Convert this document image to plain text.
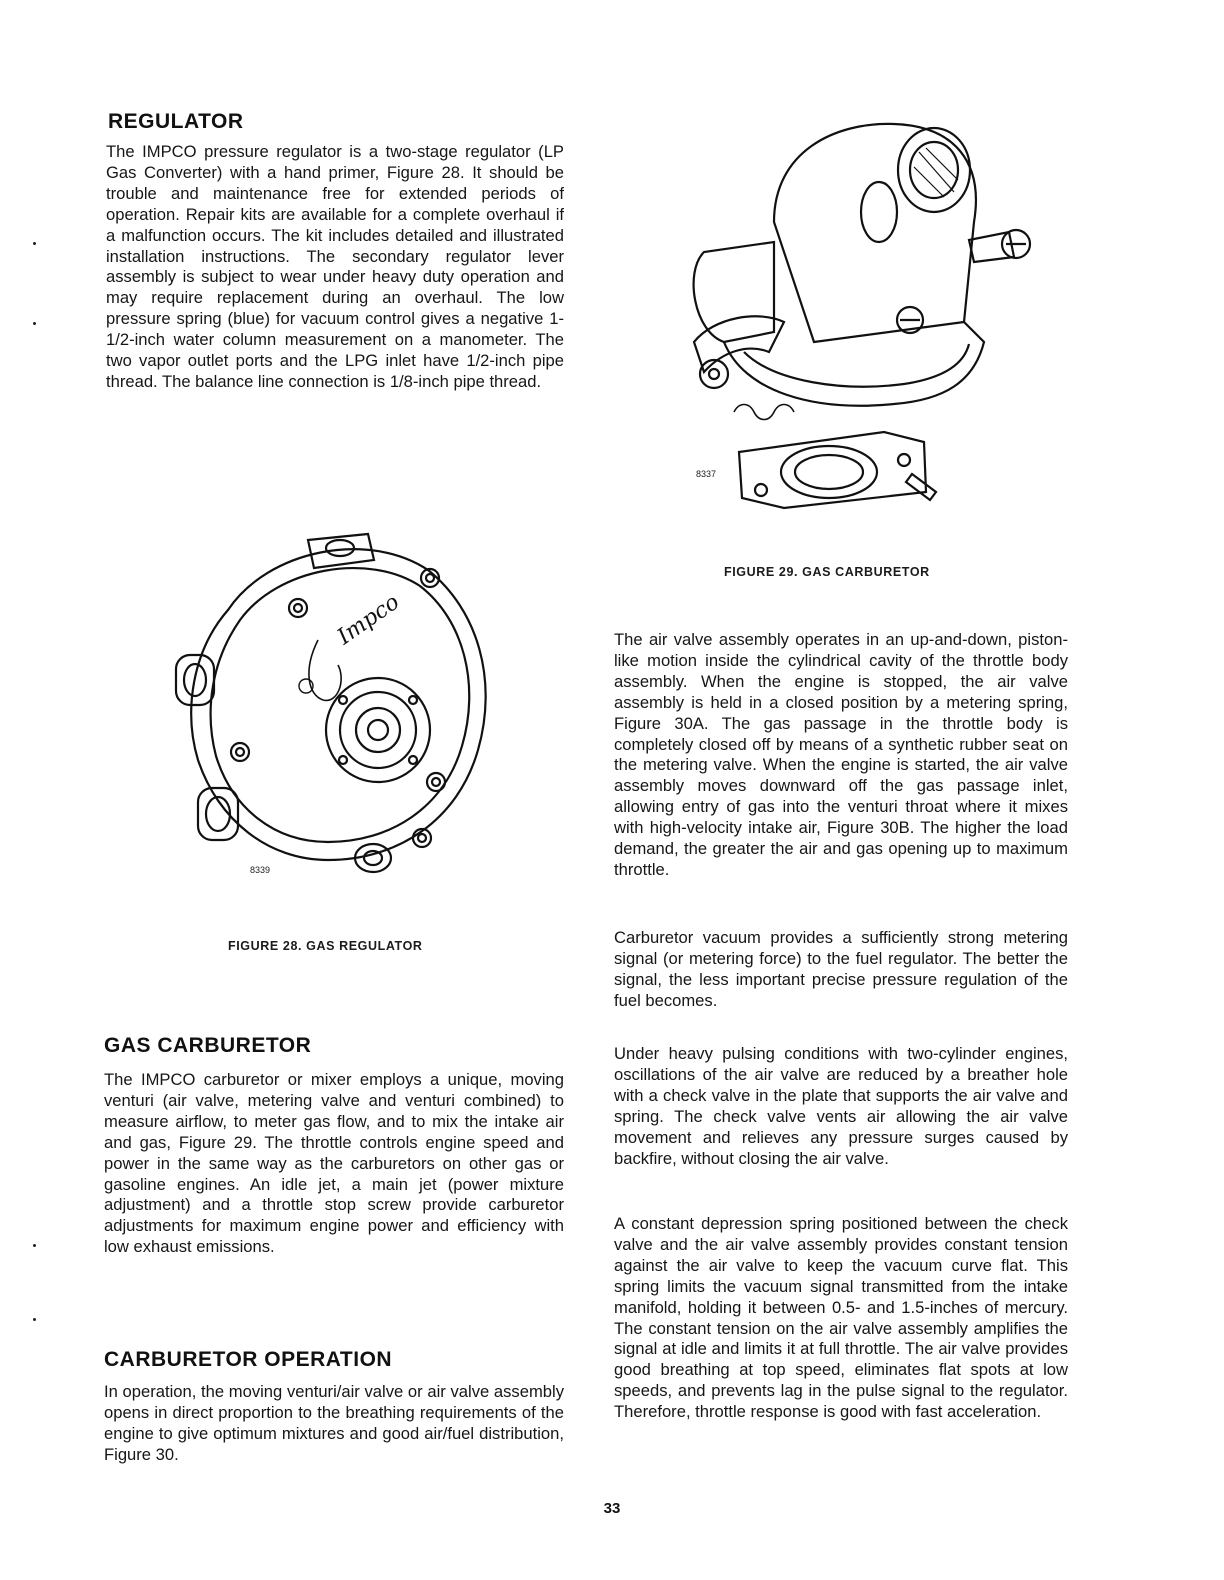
REGULATOR

The IMPCO pressure regulator is a two-stage regulator (LP Gas Converter) with a hand primer, Figure 28. It should be trouble and maintenance free for extended periods of operation. Repair kits are available for a complete overhaul if a malfunction occurs. The kit includes detailed and illustrated installation instructions. The secondary regulator lever assembly is subject to wear under heavy duty operation and may require replacement during an overhaul. The low pressure spring (blue) for vacuum control gives a negative 1-1/2-inch water column measurement on a manometer. The two vapor outlet ports and the LPG inlet have 1/2-inch pipe thread. The balance line connection is 1/8-inch pipe thread.

Impco
8339

FIGURE 28. GAS REGULATOR

8337

FIGURE 29. GAS CARBURETOR

The air valve assembly operates in an up-and-down, piston-like motion inside the cylindrical cavity of the throttle body assembly. When the engine is stopped, the air valve assembly is held in a closed position by a metering spring, Figure 30A. The gas passage in the throttle body is completely closed off by means of a synthetic rubber seat on the metering valve. When the engine is started, the air valve assembly moves downward off the gas passage inlet, allowing entry of gas into the venturi throat where it mixes with high-velocity intake air, Figure 30B. The higher the load demand, the greater the air and gas opening up to maximum throttle.

Carburetor vacuum provides a sufficiently strong metering signal (or metering force) to the fuel regulator. The better the signal, the less important precise pressure regulation of the fuel becomes.

Under heavy pulsing conditions with two-cylinder engines, oscillations of the air valve are reduced by a breather hole with a check valve in the plate that supports the air valve and spring. The check valve vents air allowing the air valve movement and relieves any pressure surges caused by backfire, without closing the air valve.

A constant depression spring positioned between the check valve and the air valve assembly provides constant tension against the air valve to keep the vacuum curve flat. This spring limits the vacuum signal transmitted from the intake manifold, holding it between 0.5- and 1.5-inches of mercury. The constant tension on the air valve assembly amplifies the signal at idle and limits it at full throttle. The air valve provides good breathing at top speed, eliminates flat spots at low speeds, and prevents lag in the pulse signal to the regulator. Therefore, throttle response is good with fast acceleration.

GAS CARBURETOR

The IMPCO carburetor or mixer employs a unique, moving venturi (air valve, metering valve and venturi combined) to measure airflow, to meter gas flow, and to mix the intake air and gas, Figure 29. The throttle controls engine speed and power in the same way as the carburetors on other gas or gasoline engines. An idle jet, a main jet (power mixture adjustment) and a throttle stop screw provide carburetor adjustments for maximum engine power and efficiency with low exhaust emissions.

CARBURETOR OPERATION

In operation, the moving venturi/air valve or air valve assembly opens in direct proportion to the breathing requirements of the engine to give optimum mixtures and good air/fuel distribution, Figure 30.

33
